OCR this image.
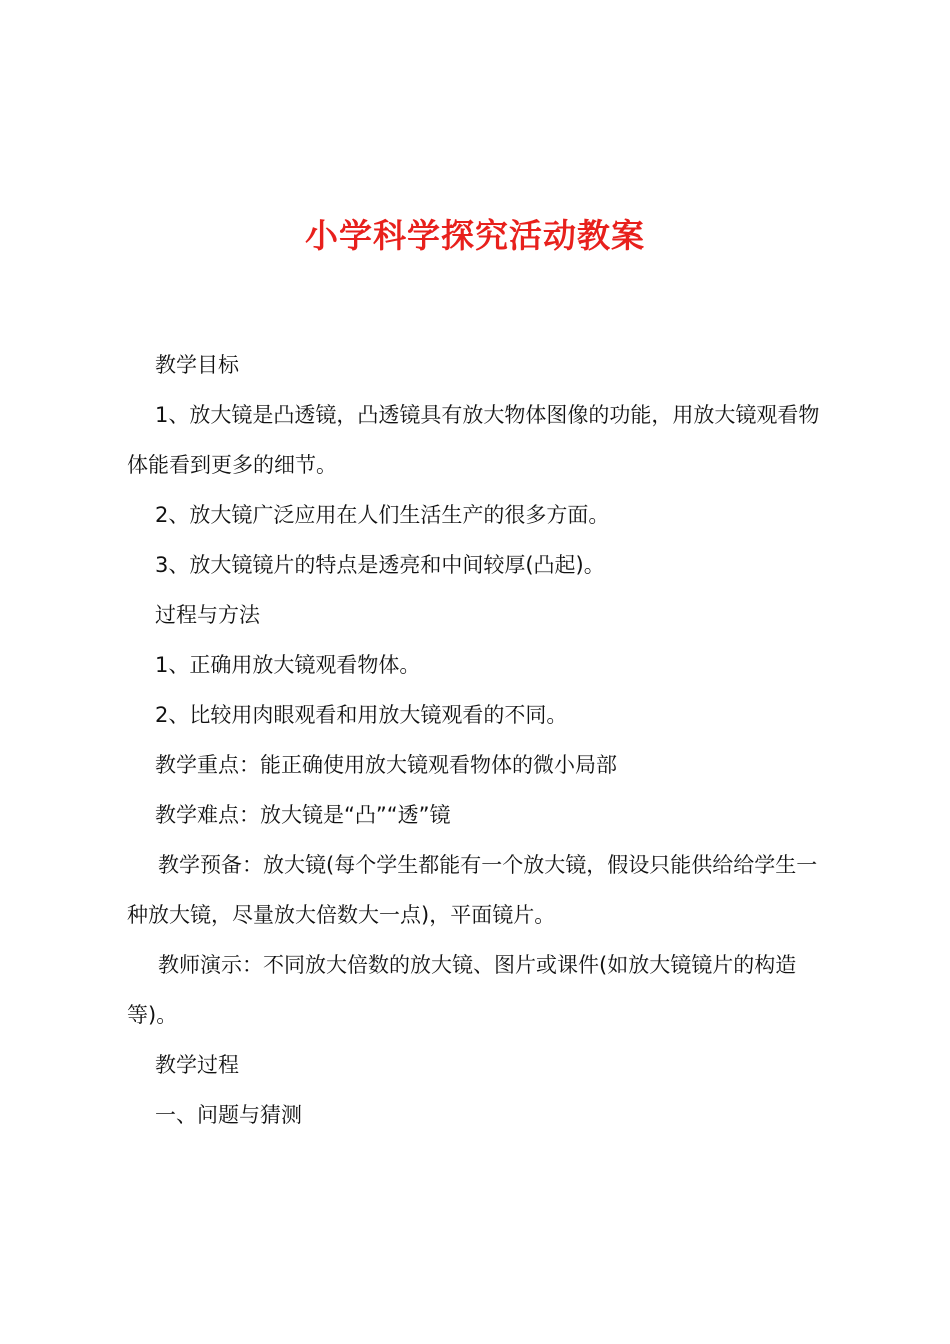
小学科学探究活动教案

教学目标

1、放大镜是凸透镜，凸透镜具有放大物体图像的功能，用放大镜观看物体能看到更多的细节。

2、放大镜广泛应用在人们生活生产的很多方面。

3、放大镜镜片的特点是透亮和中间较厚(凸起)。

过程与方法

1、正确用放大镜观看物体。

2、比较用肉眼观看和用放大镜观看的不同。

教学重点：能正确使用放大镜观看物体的微小局部

教学难点：放大镜是“凸”“透”镜

教学预备：放大镜(每个学生都能有一个放大镜，假设只能供给给学生一种放大镜，尽量放大倍数大一点)，平面镜片。

教师演示：不同放大倍数的放大镜、图片或课件(如放大镜镜片的构造等)。

教学过程

一、问题与猜测
